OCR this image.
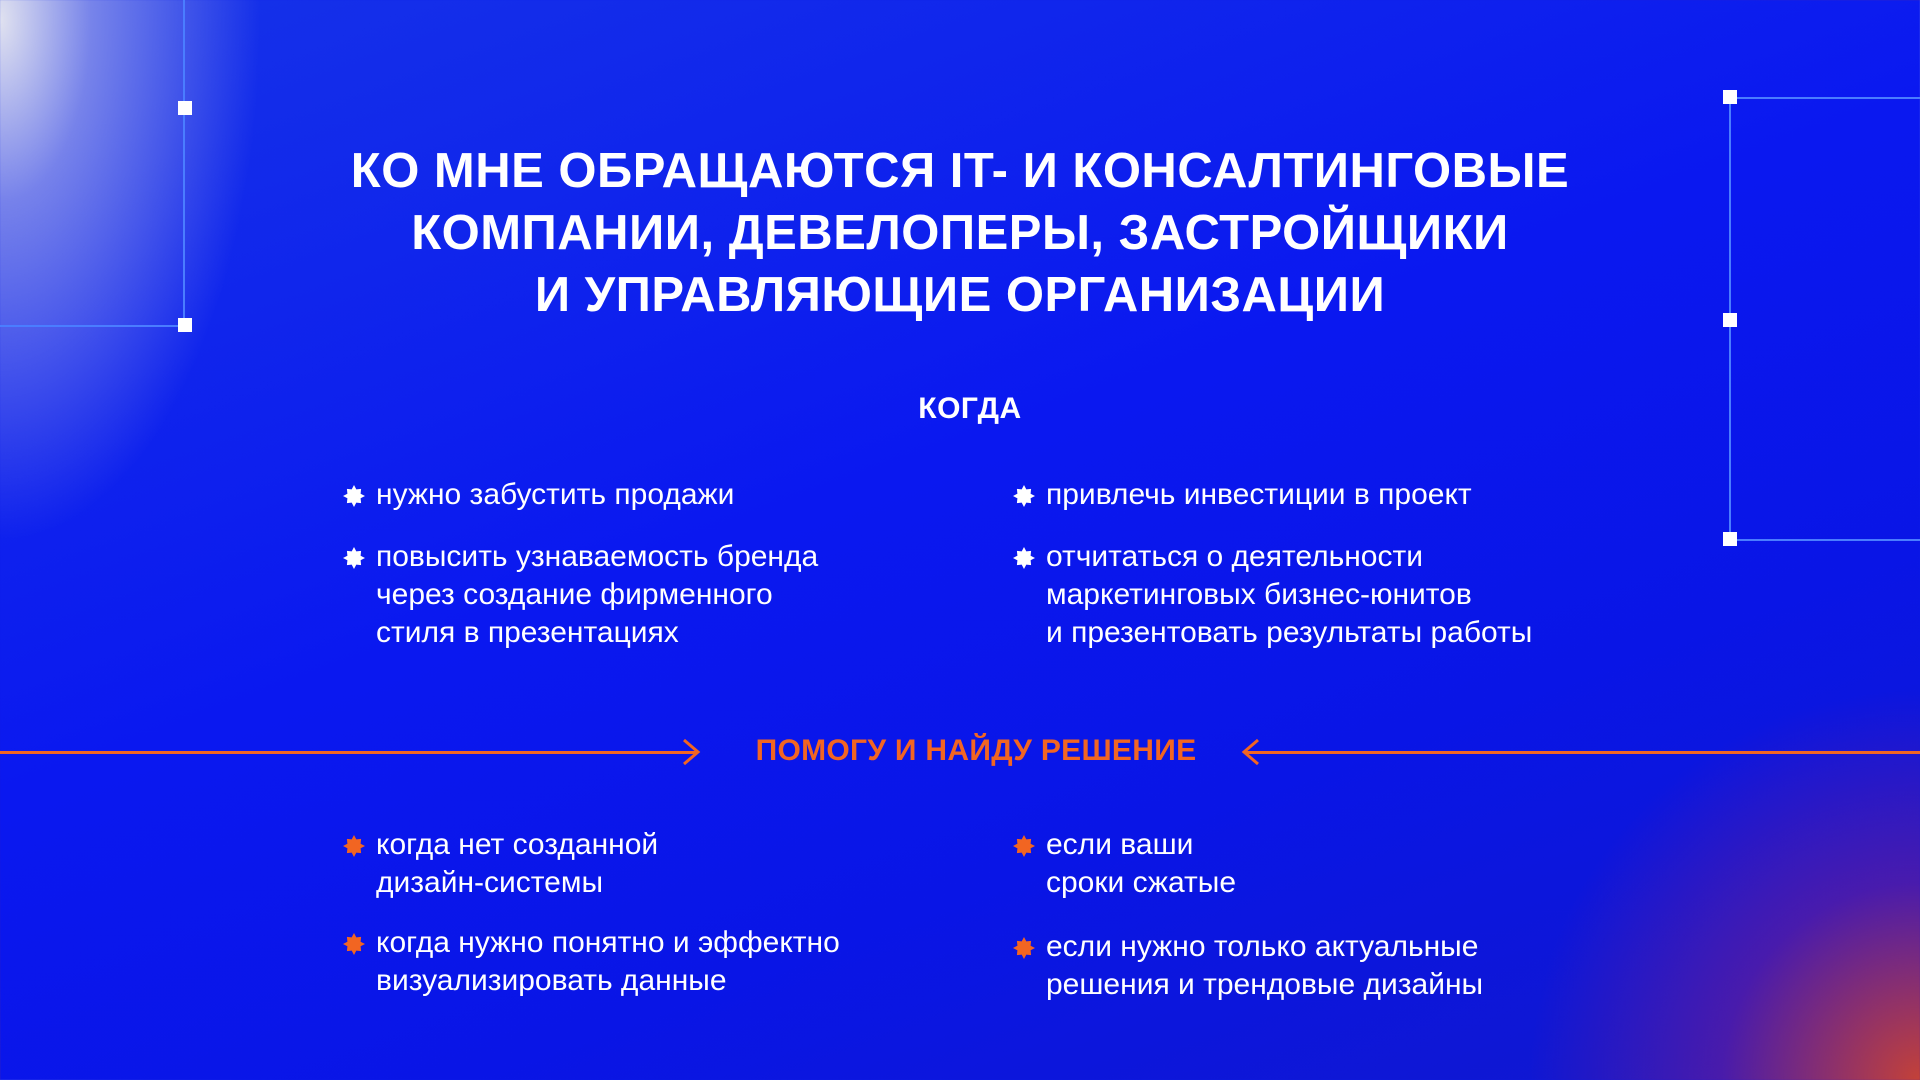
КО МНЕ ОБРАЩАЮТСЯ IT- И КОНСАЛТИНГОВЫЕ
КОМПАНИИ, ДЕВЕЛОПЕРЫ, ЗАСТРОЙЩИКИ
И УПРАВЛЯЮЩИЕ ОРГАНИЗАЦИИ
КОГДА
нужно забустить продажи
повысить узнаваемость бренда
через создание фирменного
стиля в презентациях
привлечь инвестиции в проект
отчитаться о деятельности
маркетинговых бизнес-юнитов
и презентовать результаты работы
ПОМОГУ И НАЙДУ РЕШЕНИЕ
когда нет созданной
дизайн-системы
когда нужно понятно и эффектно
визуализировать данные
если ваши
сроки сжатые
если нужно только актуальные
решения и трендовые дизайны
